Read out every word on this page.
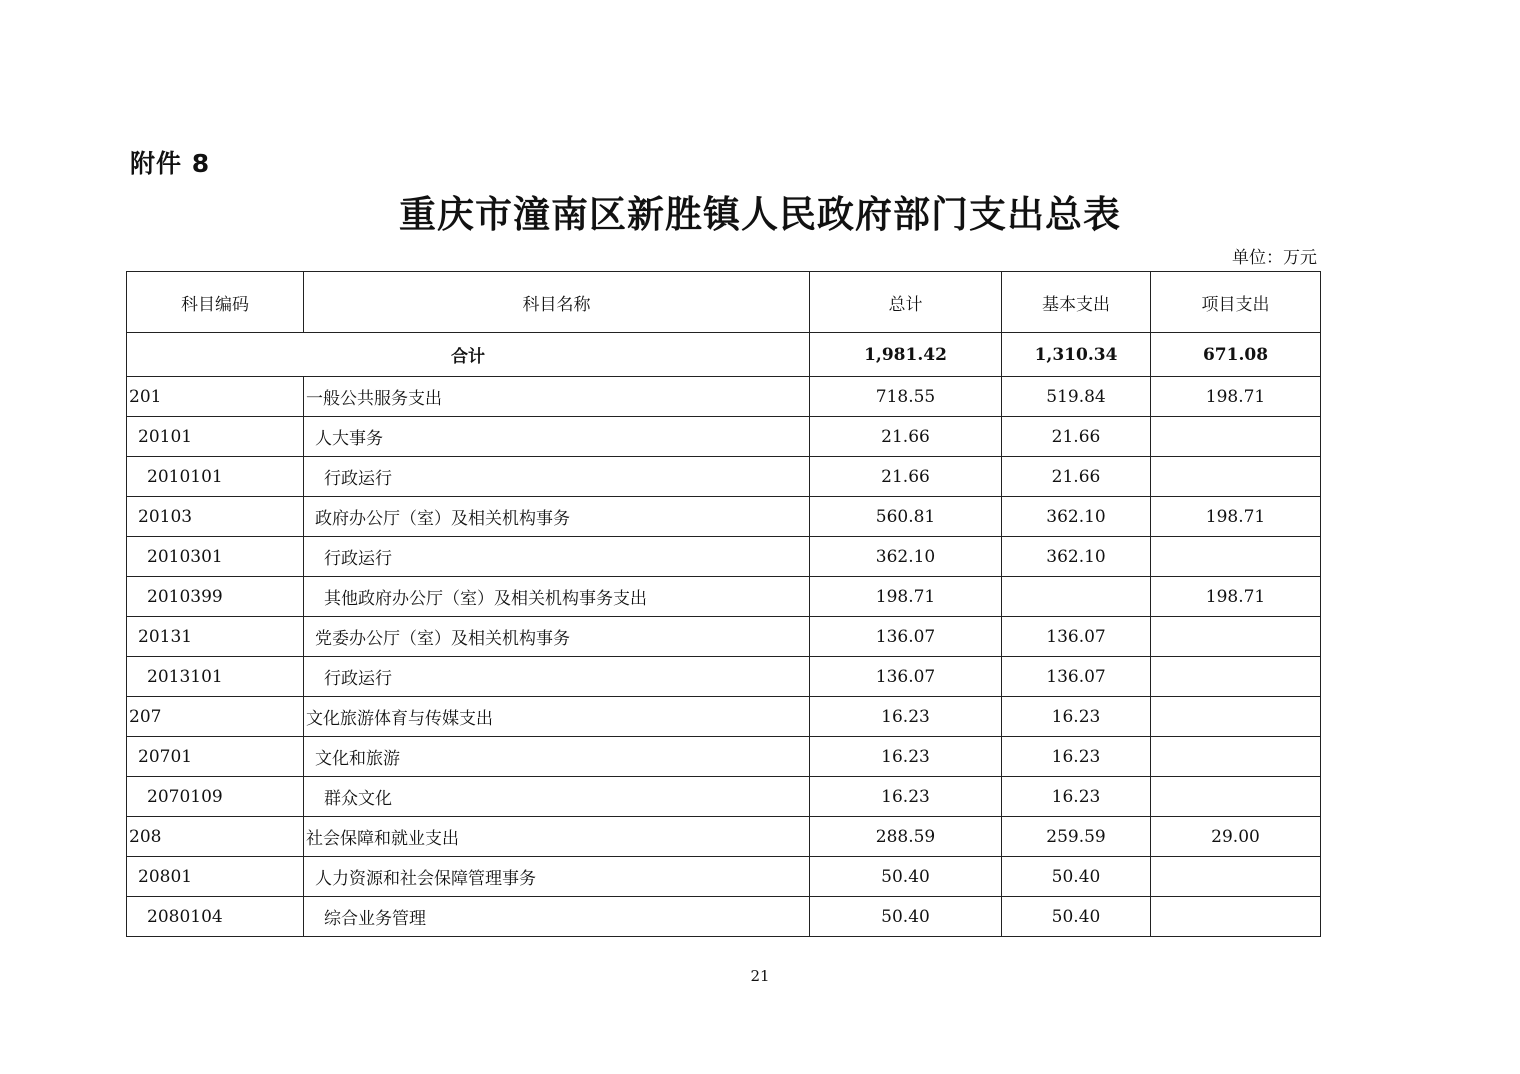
附件 8
重庆市潼南区新胜镇人民政府部门支出总表
单位：万元
科目编码	科目名称	总计	基本支出	项目支出
合计		1,981.42	1,310.34	671.08
201	一般公共服务支出	718.55	519.84	198.71
20101	人大事务	21.66	21.66	
2010101	行政运行	21.66	21.66	
20103	政府办公厅（室）及相关机构事务	560.81	362.10	198.71
2010301	行政运行	362.10	362.10	
2010399	其他政府办公厅（室）及相关机构事务支出	198.71		198.71
20131	党委办公厅（室）及相关机构事务	136.07	136.07	
2013101	行政运行	136.07	136.07	
207	文化旅游体育与传媒支出	16.23	16.23	
20701	文化和旅游	16.23	16.23	
2070109	群众文化	16.23	16.23	
208	社会保障和就业支出	288.59	259.59	29.00
20801	人力资源和社会保障管理事务	50.40	50.40	
2080104	综合业务管理	50.40	50.40	
21
